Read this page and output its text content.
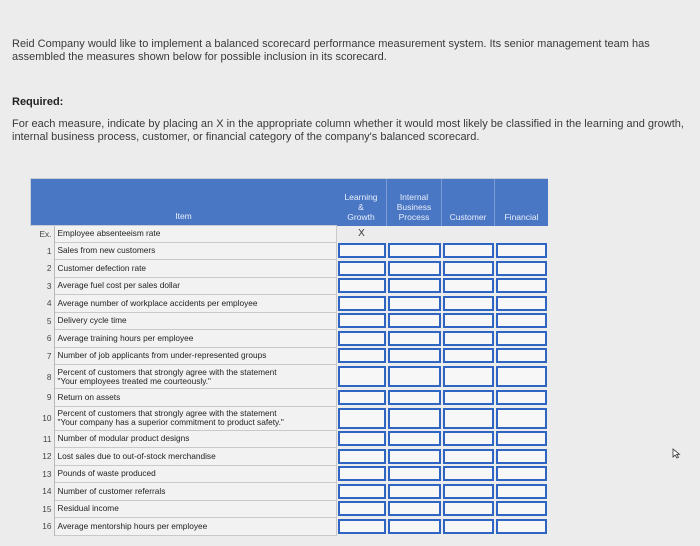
Reid Company would like to implement a balanced scorecard performance measurement system. Its senior management team has assembled the measures shown below for possible inclusion in its scorecard.
Required:
For each measure, indicate by placing an X in the appropriate column whether it would most likely be classified in the learning and growth, internal business process, customer, or financial category of the company's balanced scorecard.
Item		Learning
&
Growth	Internal
Business
Process	Customer	Financial
Ex.	Employee absenteeism rate	X			
1	Sales from new customers	

2	Customer defection rate	

3	Average fuel cost per sales dollar	

4	Average number of workplace accidents per employee	

5	Delivery cycle time	

6	Average training hours per employee	

7	Number of job applicants from under-represented groups	

8	Percent of customers that strongly agree with the statement
"Your employees treated me courteously."	

9	Return on assets	

10	Percent of customers that strongly agree with the statement
"Your company has a superior commitment to product safety."	

11	Number of modular product designs	

12	Lost sales due to out-of-stock merchandise	

13	Pounds of waste produced	

14	Number of customer referrals	

15	Residual income	

16	Average mentorship hours per employee	
